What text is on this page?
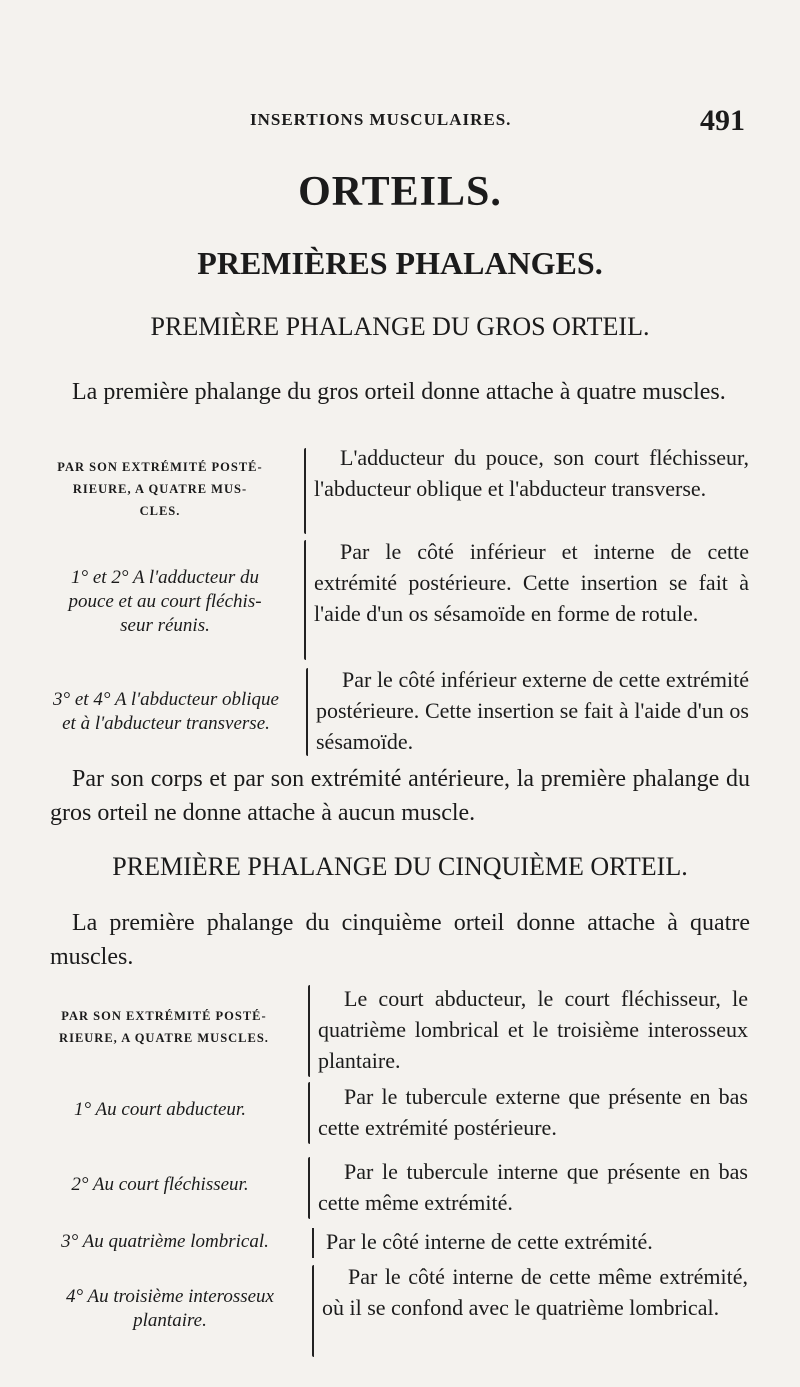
INSERTIONS MUSCULAIRES.	491
ORTEILS.
PREMIÈRES PHALANGES.
PREMIÈRE PHALANGE DU GROS ORTEIL.
La première phalange du gros orteil donne attache à quatre muscles.
PAR SON EXTRÉMITÉ POSTÉ-
RIEURE, A QUATRE MUS-
CLES.
L'adducteur du pouce, son court fléchisseur, l'abducteur oblique et l'abducteur transverse.
1° et 2° A l'adducteur du
pouce et au court fléchis-
seur réunis.
Par le côté inférieur et interne de cette extrémité postérieure. Cette insertion se fait à l'aide d'un os sésamoïde en forme de rotule.
3° et 4° A l'abducteur oblique
et à l'abducteur transverse.
Par le côté inférieur externe de cette extrémité postérieure. Cette insertion se fait à l'aide d'un os sésamoïde.
Par son corps et par son extrémité antérieure, la première phalange du gros orteil ne donne attache à aucun muscle.
PREMIÈRE PHALANGE DU CINQUIÈME ORTEIL.
La première phalange du cinquième orteil donne attache à quatre muscles.
PAR SON EXTRÉMITÉ POSTÉ-
RIEURE, A QUATRE MUSCLES.
Le court abducteur, le court fléchisseur, le quatrième lombrical et le troisième interosseux plantaire.
1° Au court abducteur.
Par le tubercule externe que présente en bas cette extrémité postérieure.
2° Au court fléchisseur.
Par le tubercule interne que présente en bas cette même extrémité.
3° Au quatrième lombrical.	Par le côté interne de cette extrémité.
4° Au troisième interosseux
plantaire.
Par le côté interne de cette même extrémité, où il se confond avec le quatrième lombrical.
